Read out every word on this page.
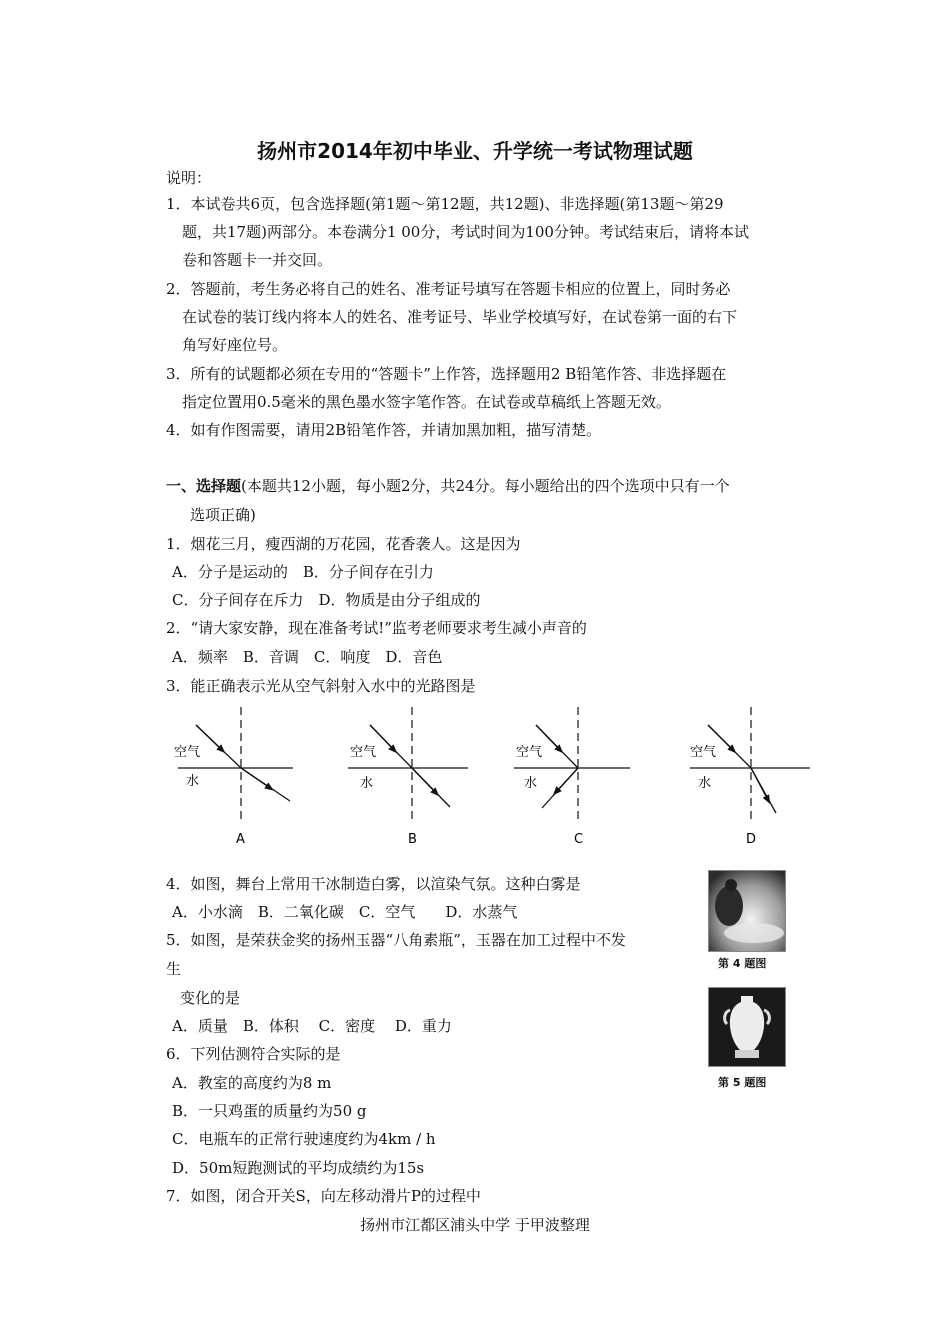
扬州市2014年初中毕业、升学统一考试物理试题
说明：
1．本试卷共6页，包含选择题(第1题～第12题，共12题)、非选择题(第13题～第29
题，共17题)两部分。本卷满分1 00分，考试时间为100分钟。考试结束后，请将本试
卷和答题卡一并交回。
2．答题前，考生务必将自己的姓名、准考证号填写在答题卡相应的位置上，同时务必
在试卷的装订线内将本人的姓名、准考证号、毕业学校填写好，在试卷第一面的右下
角写好座位号。
3．所有的试题都必须在专用的“答题卡”上作答，选择题用2 B铅笔作答、非选择题在
指定位置用0.5毫米的黑色墨水签字笔作答。在试卷或草稿纸上答题无效。
4．如有作图需要，请用2B铅笔作答，并请加黑加粗，描写清楚。
一、选择题(本题共12小题，每小题2分，共24分。每小题给出的四个选项中只有一个
选项正确)
1．烟花三月，瘦西湖的万花园，花香袭人。这是因为
A．分子是运动的　B．分子间存在引力
C．分子间存在斥力　D．物质是由分子组成的
2．“请大家安静，现在准备考试!”监考老师要求考生减小声音的
A．频率　B．音调　C．响度　D．音色
3．能正确表示光从空气斜射入水中的光路图是
空气
水
A
空气
水
B
空气
水
C
空气
水
D
4．如图，舞台上常用干冰制造白雾，以渲染气氛。这种白雾是
A．小水滴　B．二氧化碳　C．空气　　D．水蒸气
第 4 题图
5．如图，是荣获金奖的扬州玉器“八角素瓶”，玉器在加工过程中不发
生
变化的是
A．质量　B．体积　 C．密度　 D．重力
第 5 题图
6．下列估测符合实际的是
A．教室的高度约为8 m
B．一只鸡蛋的质量约为50 g
C．电瓶车的正常行驶速度约为4km / h
D．50m短跑测试的平均成绩约为15s
7．如图，闭合开关S，向左移动滑片P的过程中
扬州市江都区浦头中学 于甲波整理
